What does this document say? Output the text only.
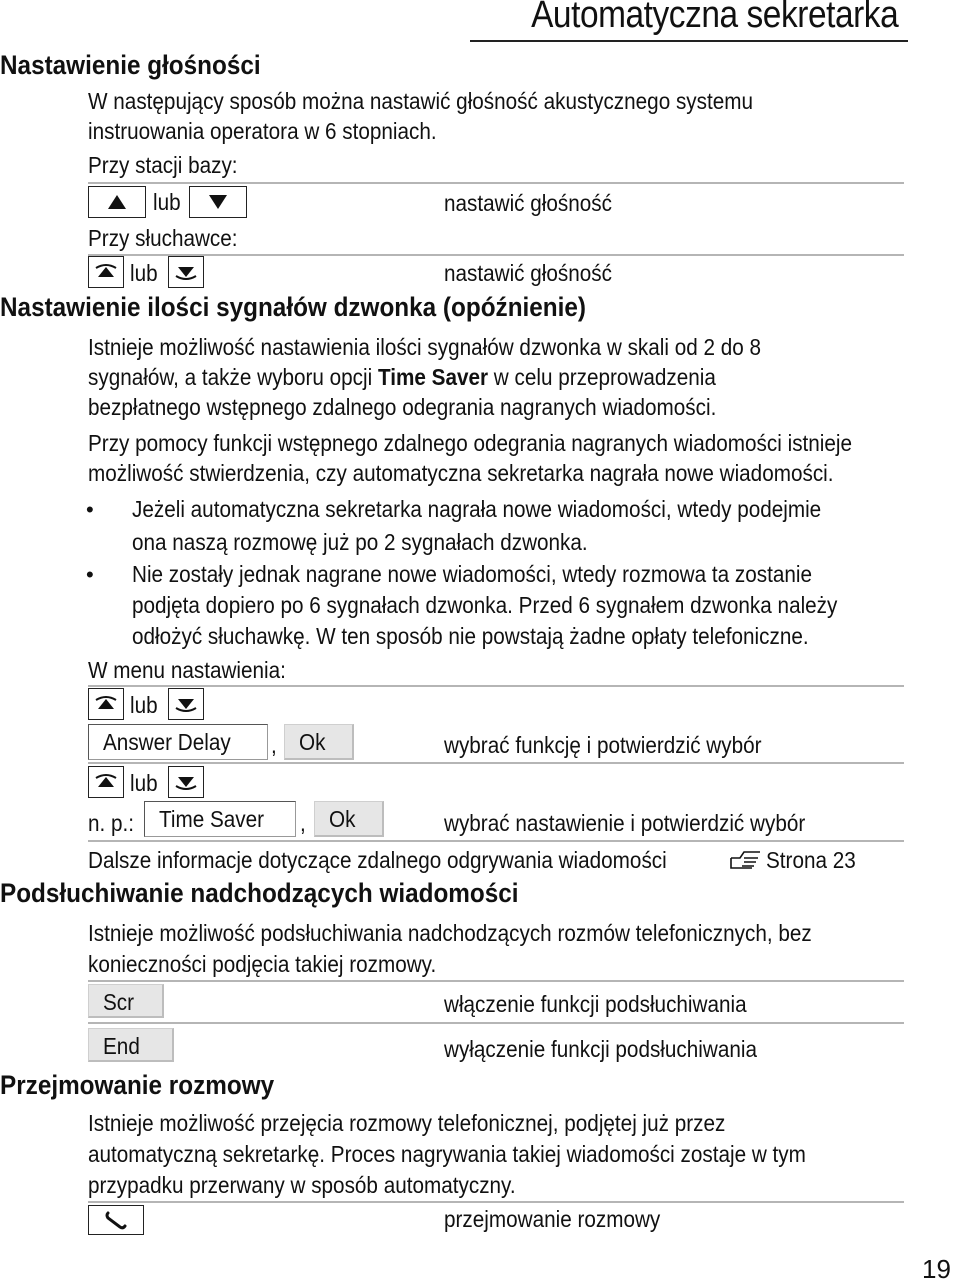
Automatyczna sekretarka
Nastawienie głośności
W następujący sposób można nastawić głośność akustycznego systemu
instruowania operatora w 6 stopniach.
Przy stacji bazy:
lub	nastawić głośność
Przy słuchawce:
lub	nastawić głośność
Nastawienie ilości sygnałów dzwonka (opóźnienie)
Istnieje możliwość nastawienia ilości sygnałów dzwonka w skali od 2 do 8
sygnałów, a także wyboru opcji Time Saver w celu przeprowadzenia
bezpłatnego wstępnego zdalnego odegrania nagranych wiadomości.
Przy pomocy funkcji wstępnego zdalnego odegrania nagranych wiadomości istnieje
możliwość stwierdzenia, czy automatyczna sekretarka nagrała nowe wiadomości.
• Jeżeli automatyczna sekretarka nagrała nowe wiadomości, wtedy podejmie
ona naszą rozmowę już po 2 sygnałach dzwonka.
• Nie zostały jednak nagrane nowe wiadomości, wtedy rozmowa ta zostanie
podjęta dopiero po 6 sygnałach dzwonka. Przed 6 sygnałem dzwonka należy
odłożyć słuchawkę. W ten sposób nie powstają żadne opłaty telefoniczne.
W menu nastawienia:
lub
Answer Delay	, Ok	wybrać funkcję i potwierdzić wybór
lub
n. p.:	Time Saver	,	Ok	wybrać nastawienie i potwierdzić wybór
Dalsze informacje dotyczące zdalnego odgrywania wiadomości	Strona 23
Podsłuchiwanie nadchodzących wiadomości
Istnieje możliwość podsłuchiwania nadchodzących rozmów telefonicznych, bez
konieczności podjęcia takiej rozmowy.
Scr	włączenie funkcji podsłuchiwania
End	wyłączenie funkcji podsłuchiwania
Przejmowanie rozmowy
Istnieje możliwość przejęcia rozmowy telefonicznej, podjętej już przez
automatyczną sekretarkę. Proces nagrywania takiej wiadomości zostaje w tym
przypadku przerwany w sposób automatyczny.
przejmowanie rozmowy
19
